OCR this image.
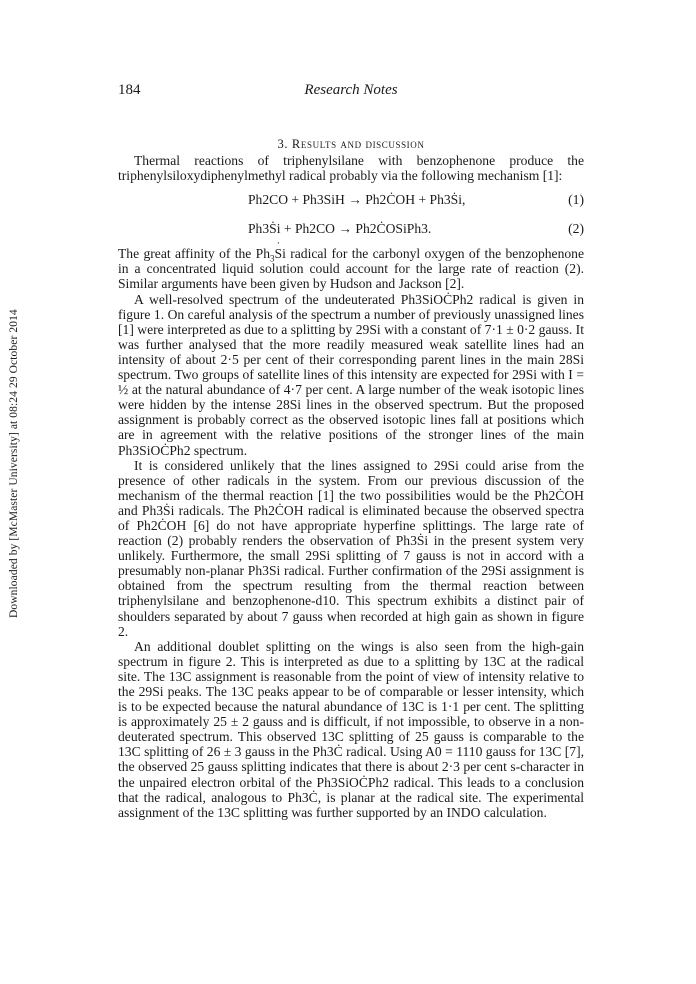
184	Research Notes
Downloaded by [McMaster University] at 08:24 29 October 2014
3. Results and discussion

Thermal reactions of triphenylsilane with benzophenone produce the triphenylsiloxydiphenylmethyl radical probably via the following mechanism [1]:

Ph2CO + Ph3SiH → Ph2ĊOH + Ph3Ṡi,	(1)
Ph3Ṡi + Ph2CO → Ph2ĊOSiPh3.	(2)

The great affinity of the $Ph_3S$ ˙i radical for the carbonyl oxygen of the benzophenone in a concentrated liquid solution could account for the large rate of reaction (2). Similar arguments have been given by Hudson and Jackson [2].

A well-resolved spectrum of the undeuterated Ph3SiOĊPh2 radical is given in figure 1. On careful analysis of the spectrum a number of previously unassigned lines [1] were interpreted as due to a splitting by 29Si with a constant of 7·1 ± 0·2 gauss. It was further analysed that the more readily measured weak satellite lines had an intensity of about 2·5 per cent of their corresponding parent lines in the main 28Si spectrum. Two groups of satellite lines of this intensity are expected for 29Si with I = ½ at the natural abundance of 4·7 per cent. A large number of the weak isotopic lines were hidden by the intense 28Si lines in the observed spectrum. But the proposed assignment is probably correct as the observed isotopic lines fall at positions which are in agreement with the relative positions of the stronger lines of the main Ph3SiOĊPh2 spectrum.

It is considered unlikely that the lines assigned to 29Si could arise from the presence of other radicals in the system. From our previous discussion of the mechanism of the thermal reaction [1] the two possibilities would be the Ph2ĊOH and Ph3Ṡi radicals. The Ph2ĊOH radical is eliminated because the observed spectra of Ph2ĊOH [6] do not have appropriate hyperfine splittings. The large rate of reaction (2) probably renders the observation of Ph3Ṡi in the present system very unlikely. Furthermore, the small 29Si splitting of 7 gauss is not in accord with a presumably non-planar Ph3Si radical. Further confirmation of the 29Si assignment is obtained from the spectrum resulting from the thermal reaction between triphenylsilane and benzophenone-d10. This spectrum exhibits a distinct pair of shoulders separated by about 7 gauss when recorded at high gain as shown in figure 2.

An additional doublet splitting on the wings is also seen from the high-gain spectrum in figure 2. This is interpreted as due to a splitting by 13C at the radical site. The 13C assignment is reasonable from the point of view of intensity relative to the 29Si peaks. The 13C peaks appear to be of comparable or lesser intensity, which is to be expected because the natural abundance of 13C is 1·1 per cent. The splitting is approximately 25 ± 2 gauss and is difficult, if not impossible, to observe in a non-deuterated spectrum. This observed 13C splitting of 25 gauss is comparable to the 13C splitting of 26 ± 3 gauss in the Ph3Ċ radical. Using A0 = 1110 gauss for 13C [7], the observed 25 gauss splitting indicates that there is about 2·3 per cent s-character in the unpaired electron orbital of the Ph3SiOĊPh2 radical. This leads to a conclusion that the radical, analogous to Ph3Ċ, is planar at the radical site. The experimental assignment of the 13C splitting was further supported by an INDO calculation.
